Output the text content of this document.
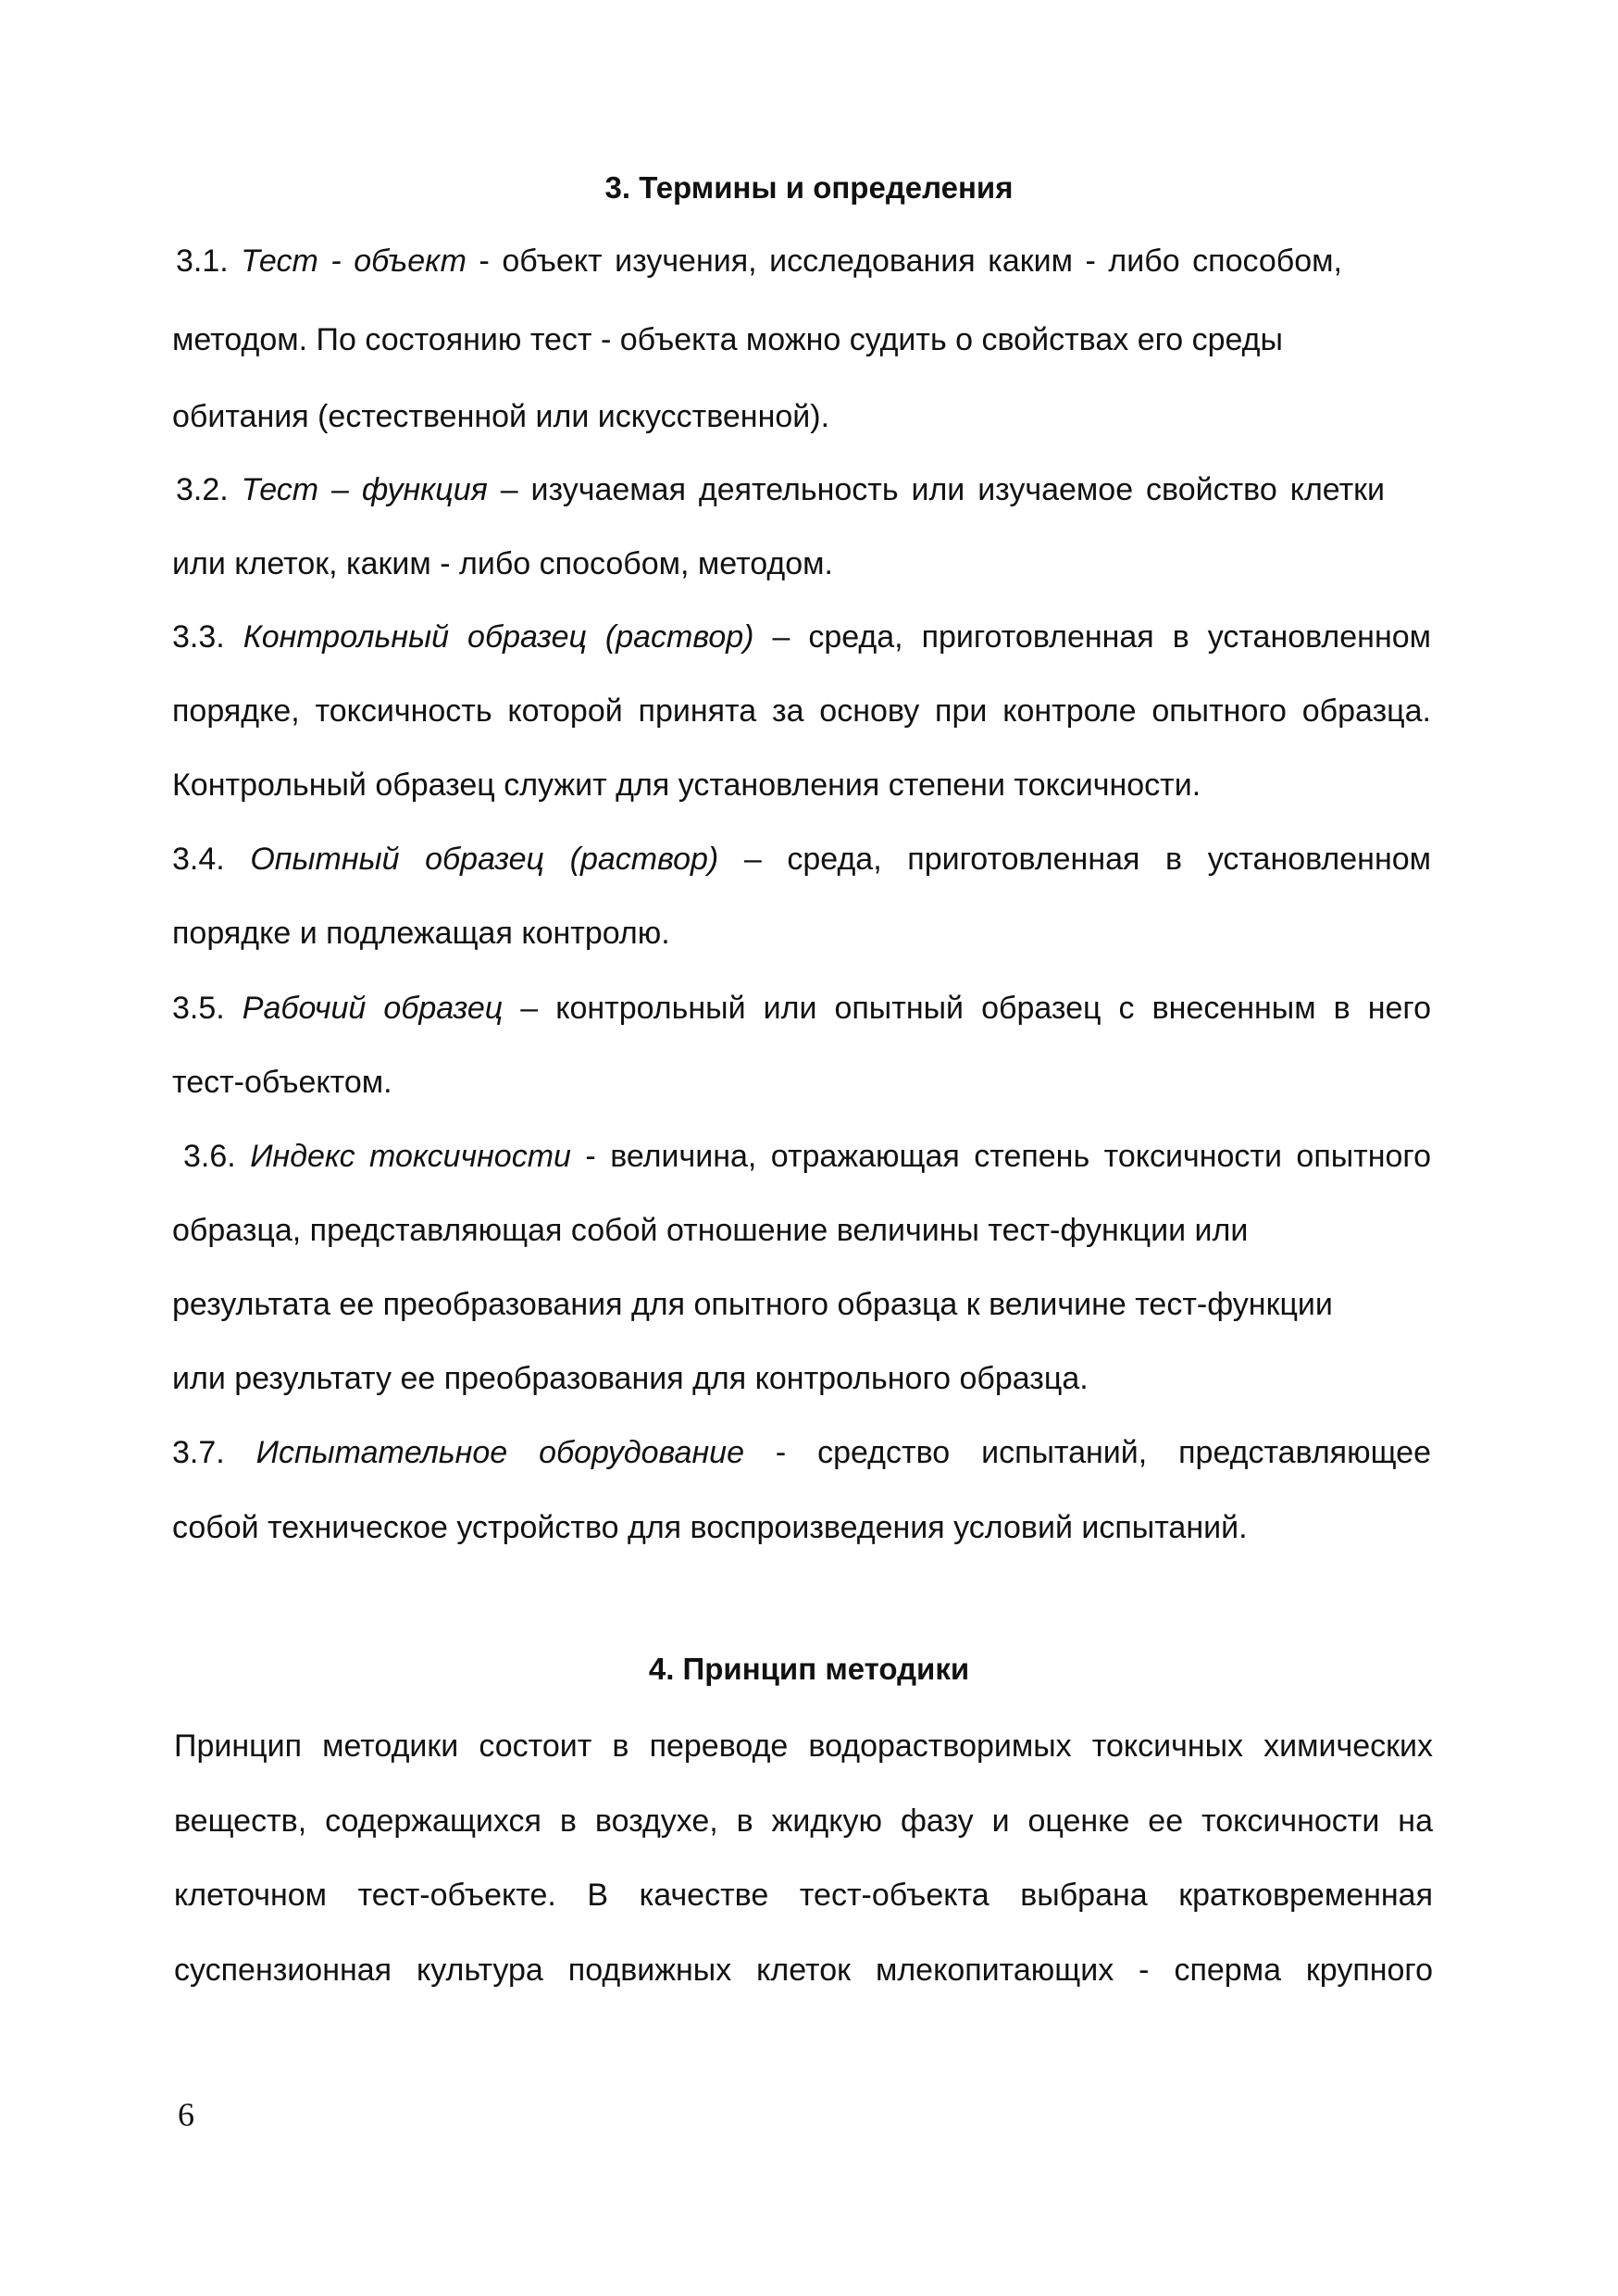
3. Термины и определения
3.1. Тест - объект - объект изучения, исследования каким - либо способом,
методом. По состоянию тест - объекта можно судить о свойствах его среды
обитания (естественной или искусственной).
3.2. Тест – функция – изучаемая деятельность или изучаемое свойство клетки
или клеток, каким - либо способом, методом.
3.3. Контрольный образец (раствор) – среда, приготовленная в установленном
порядке, токсичность которой принята за основу при контроле опытного образца.
Контрольный образец служит для установления степени токсичности.
3.4. Опытный образец (раствор) – среда, приготовленная в установленном
порядке и подлежащая контролю.
3.5. Рабочий образец – контрольный или опытный образец с внесенным в него
тест-объектом.
3.6. Индекс токсичности - величина, отражающая степень токсичности опытного
образца, представляющая собой отношение величины тест-функции или
результата ее преобразования для опытного образца к величине тест-функции
или результату ее преобразования для контрольного образца.
3.7. Испытательное оборудование - средство испытаний, представляющее
собой техническое устройство для воспроизведения условий испытаний.
4. Принцип методики
Принцип методики состоит в переводе водорастворимых токсичных химических
веществ, содержащихся в воздухе, в жидкую фазу и оценке ее токсичности на
клеточном тест-объекте. В качестве тест-объекта выбрана кратковременная
суспензионная культура подвижных клеток млекопитающих - сперма крупного
6
